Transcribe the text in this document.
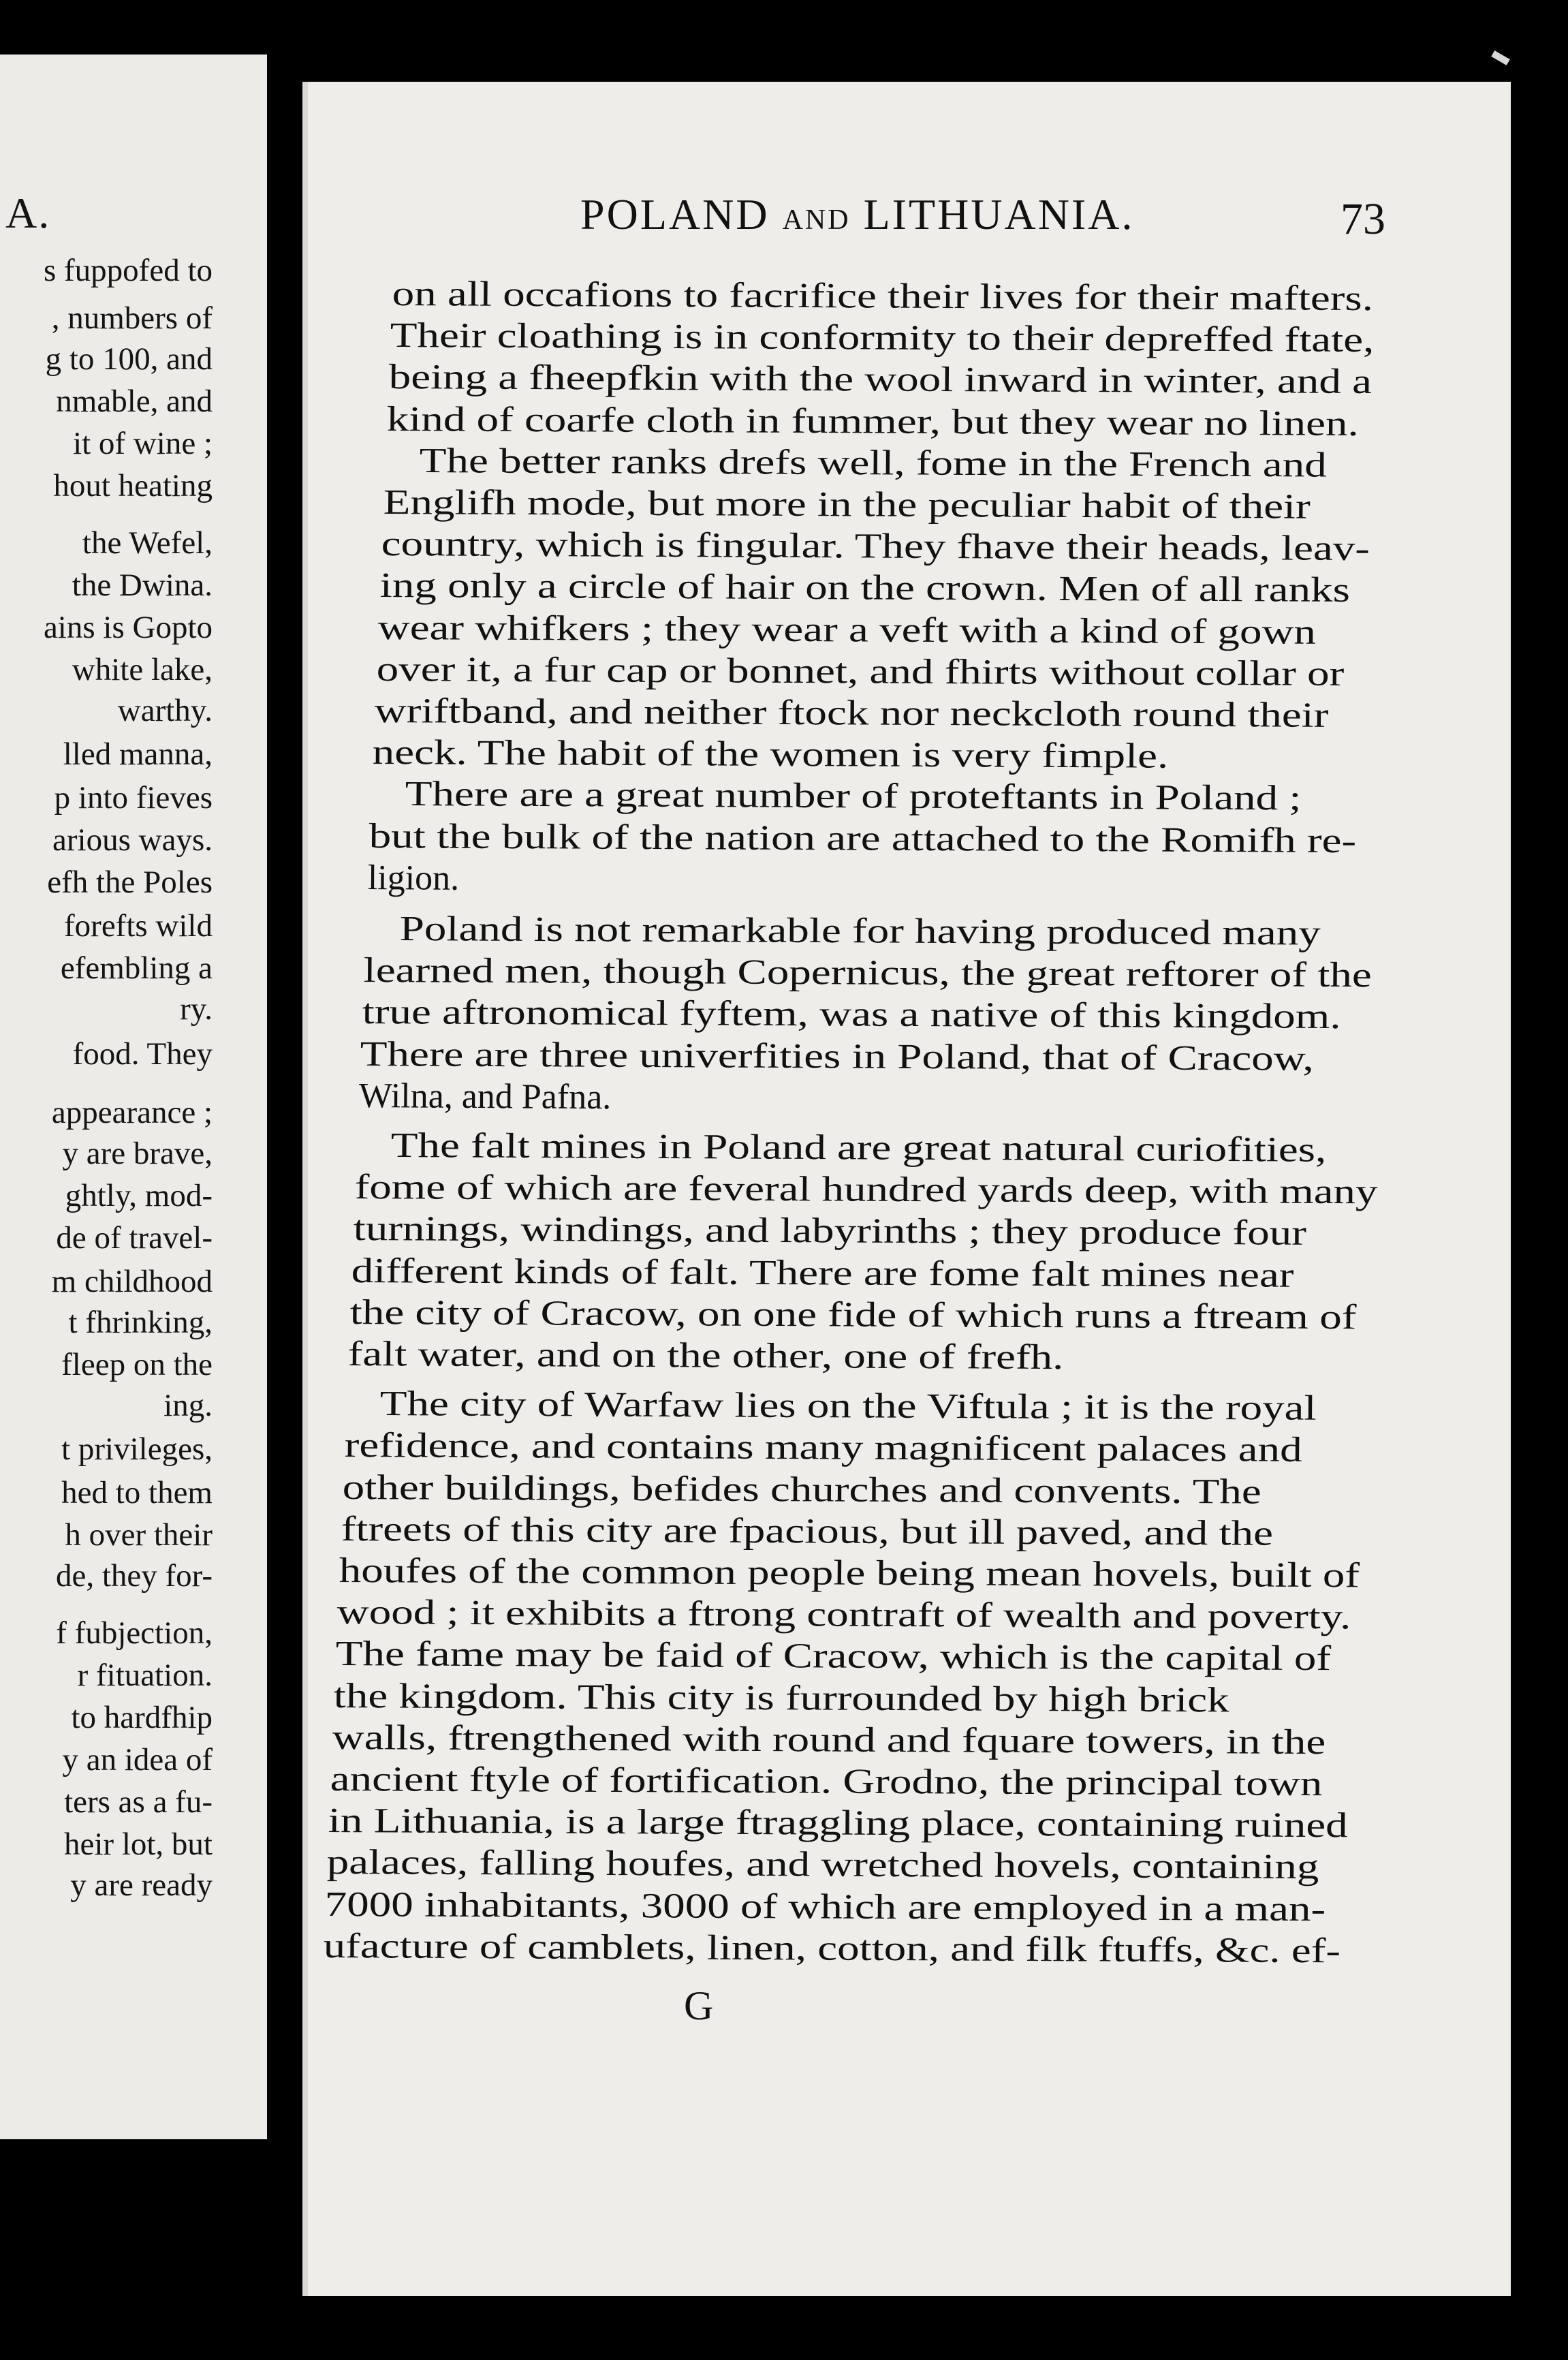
A.
s fuppofed to
, numbers of
g to 100, and
nmable, and
it of wine ;
hout heating
the Wefel,
the Dwina.
ains is Gopto
white lake,
warthy.
lled manna,
p into fieves
arious ways.
efh the Poles
forefts wild
efembling a
ry.
food. They
appearance ;
y are brave,
ghtly, mod-
de of travel-
m childhood
t fhrinking,
fleep on the
ing.
t privileges,
hed to them
h over their
de, they for-
f fubjection,
r fituation.
to hardfhip
y an idea of
ters as a fu-
heir lot, but
y are ready
POLAND AND LITHUANIA.	73
on all occafions to facrifice their lives for their mafters.
Their cloathing is in conformity to their depreffed ftate,
being a fheepfkin with the wool inward in winter, and a
kind of coarfe cloth in fummer, but they wear no linen.
The better ranks drefs well, fome in the French and
Englifh mode, but more in the peculiar habit of their
country, which is fingular. They fhave their heads, leav-
ing only a circle of hair on the crown. Men of all ranks
wear whifkers ; they wear a veft with a kind of gown
over it, a fur cap or bonnet, and fhirts without collar or
wriftband, and neither ftock nor neckcloth round their
neck. The habit of the women is very fimple.
There are a great number of proteftants in Poland ;
but the bulk of the nation are attached to the Romifh re-
ligion.
Poland is not remarkable for having produced many
learned men, though Copernicus, the great reftorer of the
true aftronomical fyftem, was a native of this kingdom.
There are three univerfities in Poland, that of Cracow,
Wilna, and Pafna.
The falt mines in Poland are great natural curiofities,
fome of which are feveral hundred yards deep, with many
turnings, windings, and labyrinths ; they produce four
different kinds of falt. There are fome falt mines near
the city of Cracow, on one fide of which runs a ftream of
falt water, and on the other, one of frefh.
The city of Warfaw lies on the Viftula ; it is the royal
refidence, and contains many magnificent palaces and
other buildings, befides churches and convents. The
ftreets of this city are fpacious, but ill paved, and the
houfes of the common people being mean hovels, built of
wood ; it exhibits a ftrong contraft of wealth and poverty.
The fame may be faid of Cracow, which is the capital of
the kingdom. This city is furrounded by high brick
walls, ftrengthened with round and fquare towers, in the
ancient ftyle of fortification. Grodno, the principal town
in Lithuania, is a large ftraggling place, containing ruined
palaces, falling houfes, and wretched hovels, containing
7000 inhabitants, 3000 of which are employed in a man-
ufacture of camblets, linen, cotton, and filk ftuffs, &c. ef-
G
